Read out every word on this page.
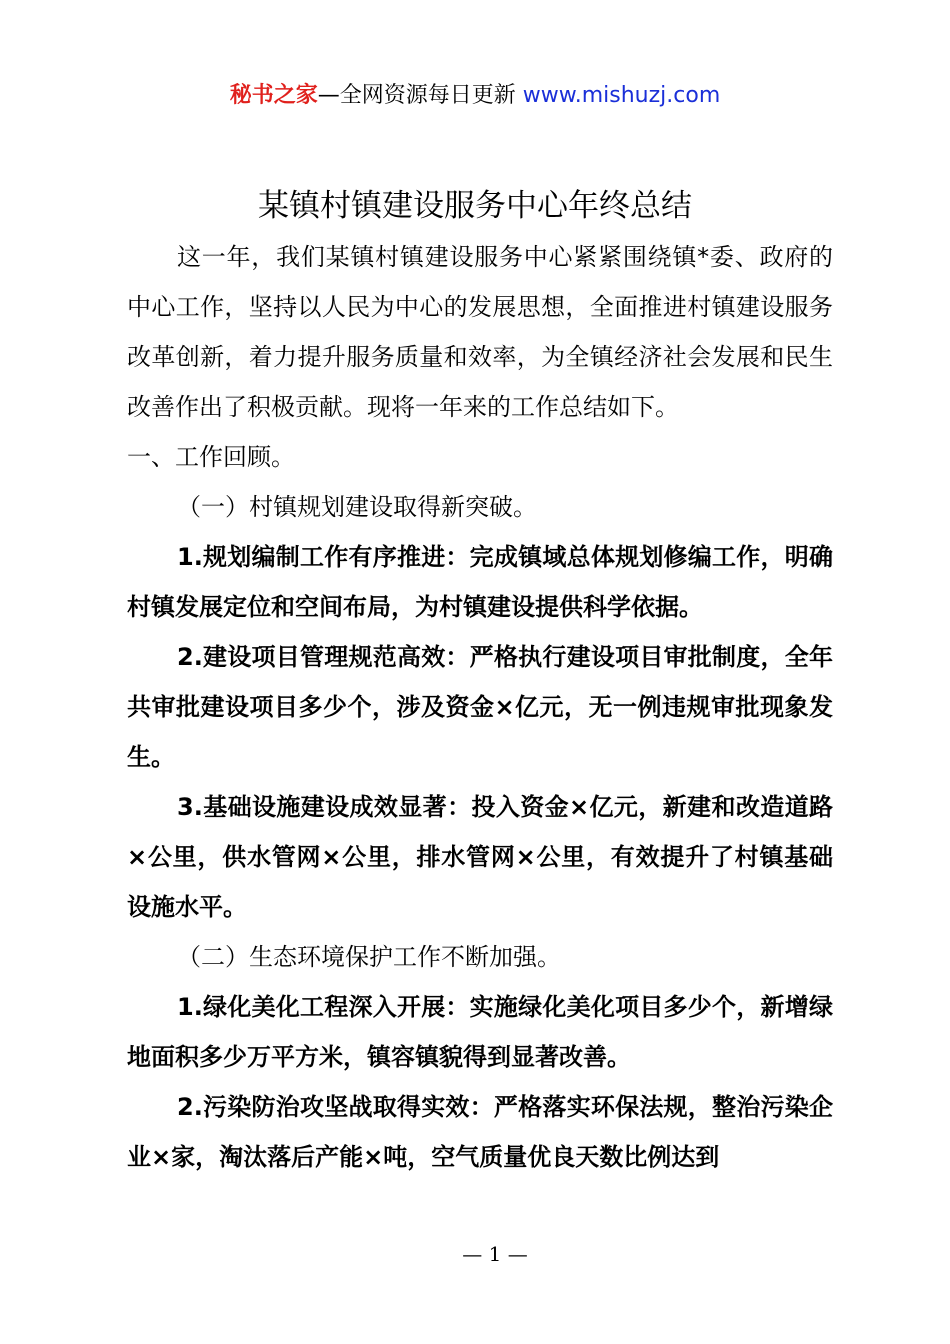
秘书之家—全网资源每日更新 www.mishuzj.com
某镇村镇建设服务中心年终总结

这一年，我们某镇村镇建设服务中心紧紧围绕镇*委、政府的中心工作，坚持以人民为中心的发展思想，全面推进村镇建设服务改革创新，着力提升服务质量和效率，为全镇经济社会发展和民生改善作出了积极贡献。现将一年来的工作总结如下。

一、工作回顾。

（一）村镇规划建设取得新突破。

1.规划编制工作有序推进：完成镇域总体规划修编工作，明确村镇发展定位和空间布局，为村镇建设提供科学依据。

2.建设项目管理规范高效：严格执行建设项目审批制度，全年共审批建设项目多少个，涉及资金×亿元，无一例违规审批现象发生。

3.基础设施建设成效显著：投入资金×亿元，新建和改造道路×公里，供水管网×公里，排水管网×公里，有效提升了村镇基础设施水平。

（二）生态环境保护工作不断加强。

1.绿化美化工程深入开展：实施绿化美化项目多少个，新增绿地面积多少万平方米，镇容镇貌得到显著改善。

2.污染防治攻坚战取得实效：严格落实环保法规，整治污染企业×家，淘汰落后产能×吨，空气质量优良天数比例达到

— 1 —
